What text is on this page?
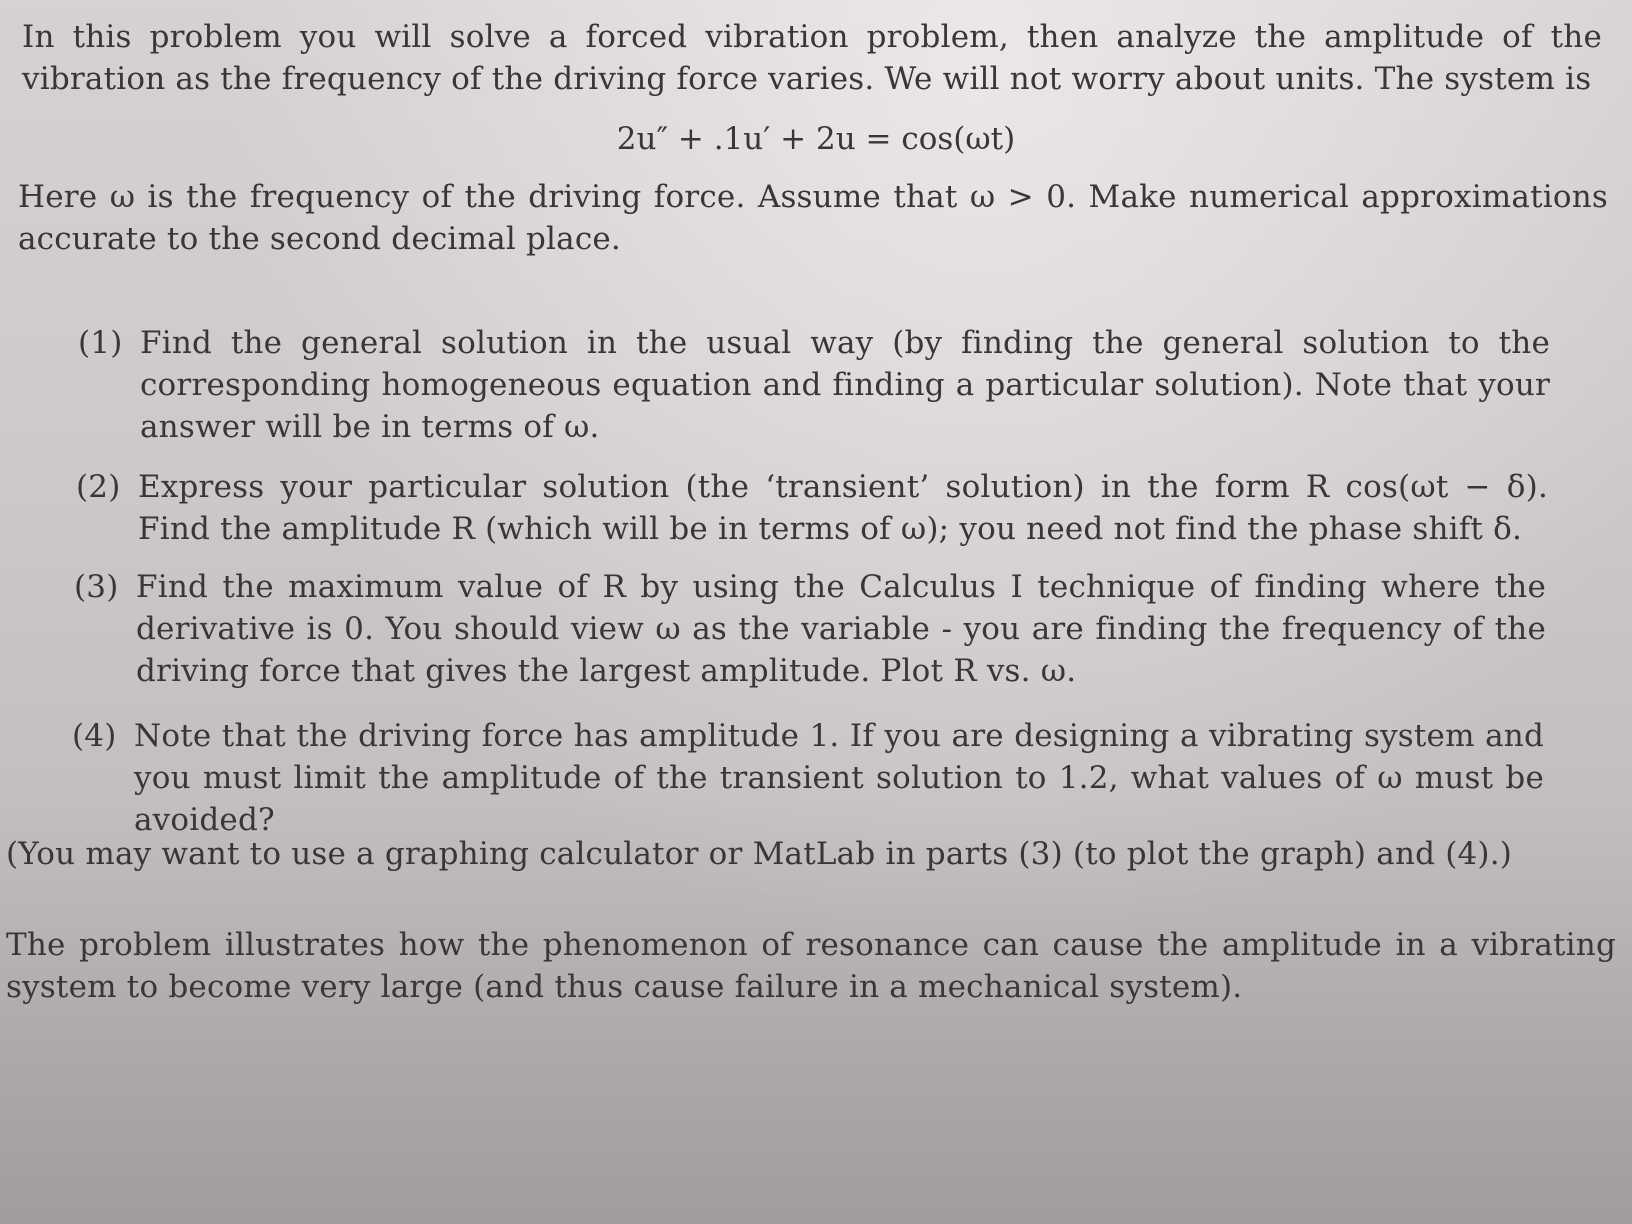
In this problem you will solve a forced vibration problem, then analyze the amplitude of the vibration as the frequency of the driving force varies. We will not worry about units. The system is
2u″ + .1u′ + 2u = cos(ωt)
Here ω is the frequency of the driving force. Assume that ω > 0. Make numerical approximations accurate to the second decimal place.
(1) Find the general solution in the usual way (by finding the general solution to the corresponding homogeneous equation and finding a particular solution). Note that your answer will be in terms of ω.
(2) Express your particular solution (the ‘transient’ solution) in the form R cos(ωt − δ). Find the amplitude R (which will be in terms of ω); you need not find the phase shift δ.
(3) Find the maximum value of R by using the Calculus I technique of finding where the derivative is 0. You should view ω as the variable - you are finding the frequency of the driving force that gives the largest amplitude. Plot R vs. ω.
(4) Note that the driving force has amplitude 1. If you are designing a vibrating system and you must limit the amplitude of the transient solution to 1.2, what values of ω must be avoided?
(You may want to use a graphing calculator or MatLab in parts (3) (to plot the graph) and (4).)
The problem illustrates how the phenomenon of resonance can cause the amplitude in a vibrating system to become very large (and thus cause failure in a mechanical system).
